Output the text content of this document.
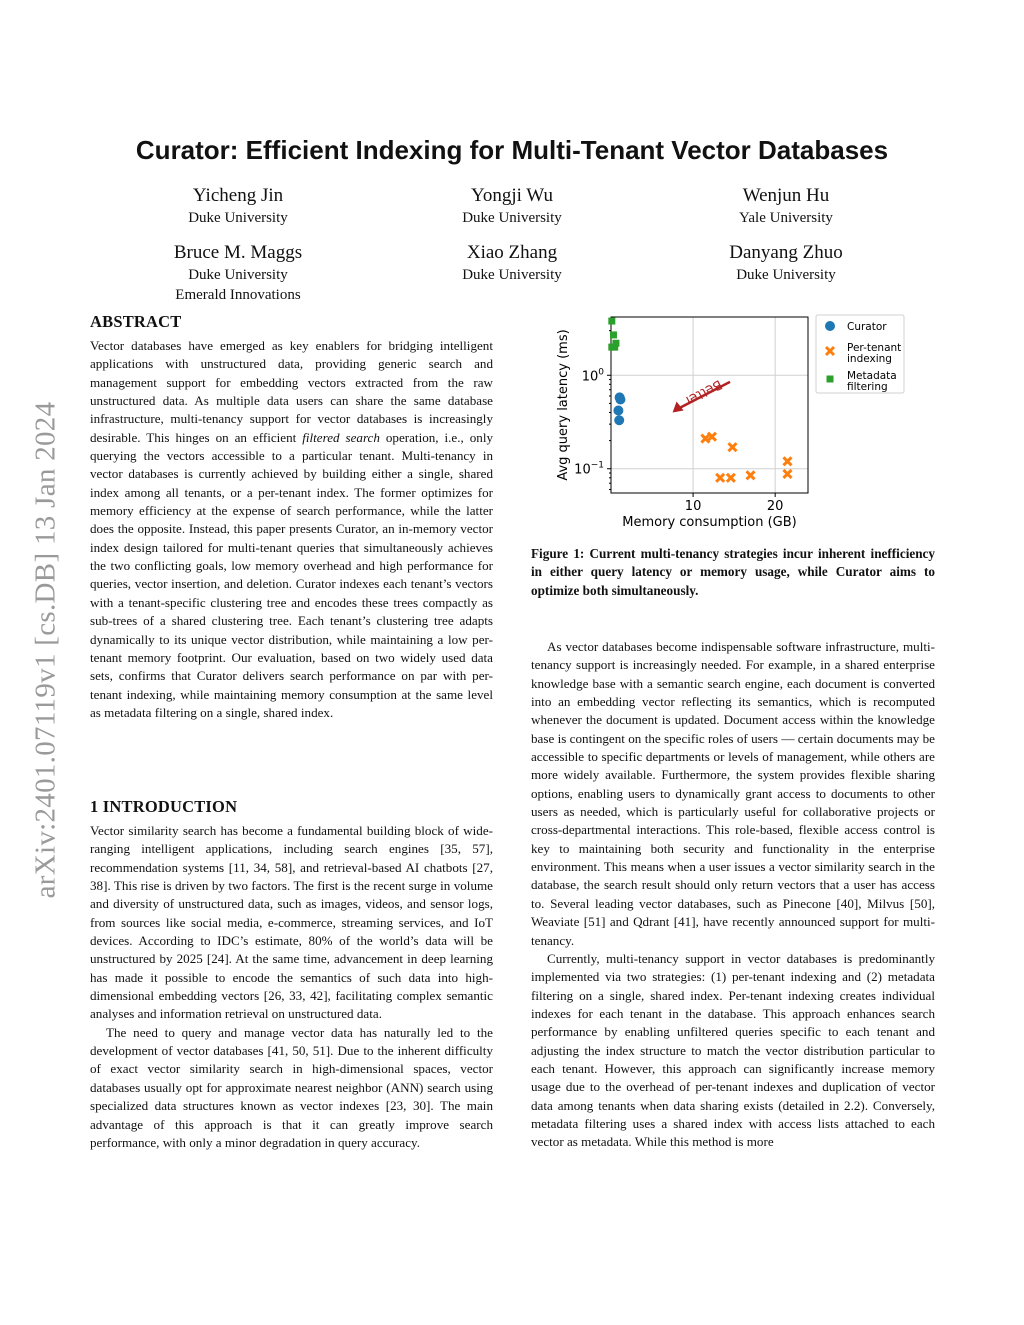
arXiv:2401.07119v1 [cs.DB] 13 Jan 2024
Curator: Efficient Indexing for Multi-Tenant Vector Databases
Yicheng Jin
Duke University
Yongji Wu
Duke University
Wenjun Hu
Yale University
Bruce M. Maggs
Duke University
Emerald Innovations
Xiao Zhang
Duke University
Danyang Zhuo
Duke University
ABSTRACT

Vector databases have emerged as key enablers for bridging intelligent applications with unstructured data, providing generic search and management support for embedding vectors extracted from the raw unstructured data. As multiple data users can share the same database infrastructure, multi-tenancy support for vector databases is increasingly desirable. This hinges on an efficient filtered search operation, i.e., only querying the vectors accessible to a particular tenant. Multi-tenancy in vector databases is currently achieved by building either a single, shared index among all tenants, or a per-tenant index. The former optimizes for memory efficiency at the expense of search performance, while the latter does the opposite. Instead, this paper presents Curator, an in-memory vector index design tailored for multi-tenant queries that simultaneously achieves the two conflicting goals, low memory overhead and high performance for queries, vector insertion, and deletion. Curator indexes each tenant’s vectors with a tenant-specific clustering tree and encodes these trees compactly as sub-trees of a shared clustering tree. Each tenant’s clustering tree adapts dynamically to its unique vector distribution, while maintaining a low per-tenant memory footprint. Our evaluation, based on two widely used data sets, confirms that Curator delivers search performance on par with per-tenant indexing, while maintaining memory consumption at the same level as metadata filtering on a single, shared index.

1 INTRODUCTION

Vector similarity search has become a fundamental building block of wide-ranging intelligent applications, including search engines [35, 57], recommendation systems [11, 34, 58], and retrieval-based AI chatbots [27, 38]. This rise is driven by two factors. The first is the recent surge in volume and diversity of unstructured data, such as images, videos, and sensor logs, from sources like social media, e-commerce, streaming services, and IoT devices. According to IDC’s estimate, 80% of the world’s data will be unstructured by 2025 [24]. At the same time, advancement in deep learning has made it possible to encode the semantics of such data into high-dimensional embedding vectors [26, 33, 42], facilitating complex semantic analyses and information retrieval on unstructured data.

The need to query and manage vector data has naturally led to the development of vector databases [41, 50, 51]. Due to the inherent difficulty of exact vector similarity search in high-dimensional spaces, vector databases usually opt for approximate nearest neighbor (ANN) search using specialized data structures known as vector indexes [23, 30]. The main advantage of this approach is that it can greatly improve search performance, with only a minor degradation in query accuracy.

10	20
$10^0$
$10^{-1}$
Memory consumption (GB)
Avg query latency (ms)	Better
Curator
Per-tenant indexing
Metadata filtering
Figure 1: Current multi-tenancy strategies incur inherent inefficiency in either query latency or memory usage, while Curator aims to optimize both simultaneously.

As vector databases become indispensable software infrastructure, multi-tenancy support is increasingly needed. For example, in a shared enterprise knowledge base with a semantic search engine, each document is converted into an embedding vector reflecting its semantics, which is recomputed whenever the document is updated. Document access within the knowledge base is contingent on the specific roles of users — certain documents may be accessible to specific departments or levels of management, while others are more widely available. Furthermore, the system provides flexible sharing options, enabling users to dynamically grant access to documents to other users as needed, which is particularly useful for collaborative projects or cross-departmental interactions. This role-based, flexible access control is key to maintaining both security and functionality in the enterprise environment. This means when a user issues a vector similarity search in the database, the search result should only return vectors that a user has access to. Several leading vector databases, such as Pinecone [40], Milvus [50], Weaviate [51] and Qdrant [41], have recently announced support for multi-tenancy.

Currently, multi-tenancy support in vector databases is predominantly implemented via two strategies: (1) per-tenant indexing and (2) metadata filtering on a single, shared index. Per-tenant indexing creates individual indexes for each tenant in the database. This approach enhances search performance by enabling unfiltered queries specific to each tenant and adjusting the index structure to match the vector distribution particular to each tenant. However, this approach can significantly increase memory usage due to the overhead of per-tenant indexes and duplication of vector data among tenants when data sharing exists (detailed in 2.2). Conversely, metadata filtering uses a shared index with access lists attached to each vector as metadata. While this method is more
